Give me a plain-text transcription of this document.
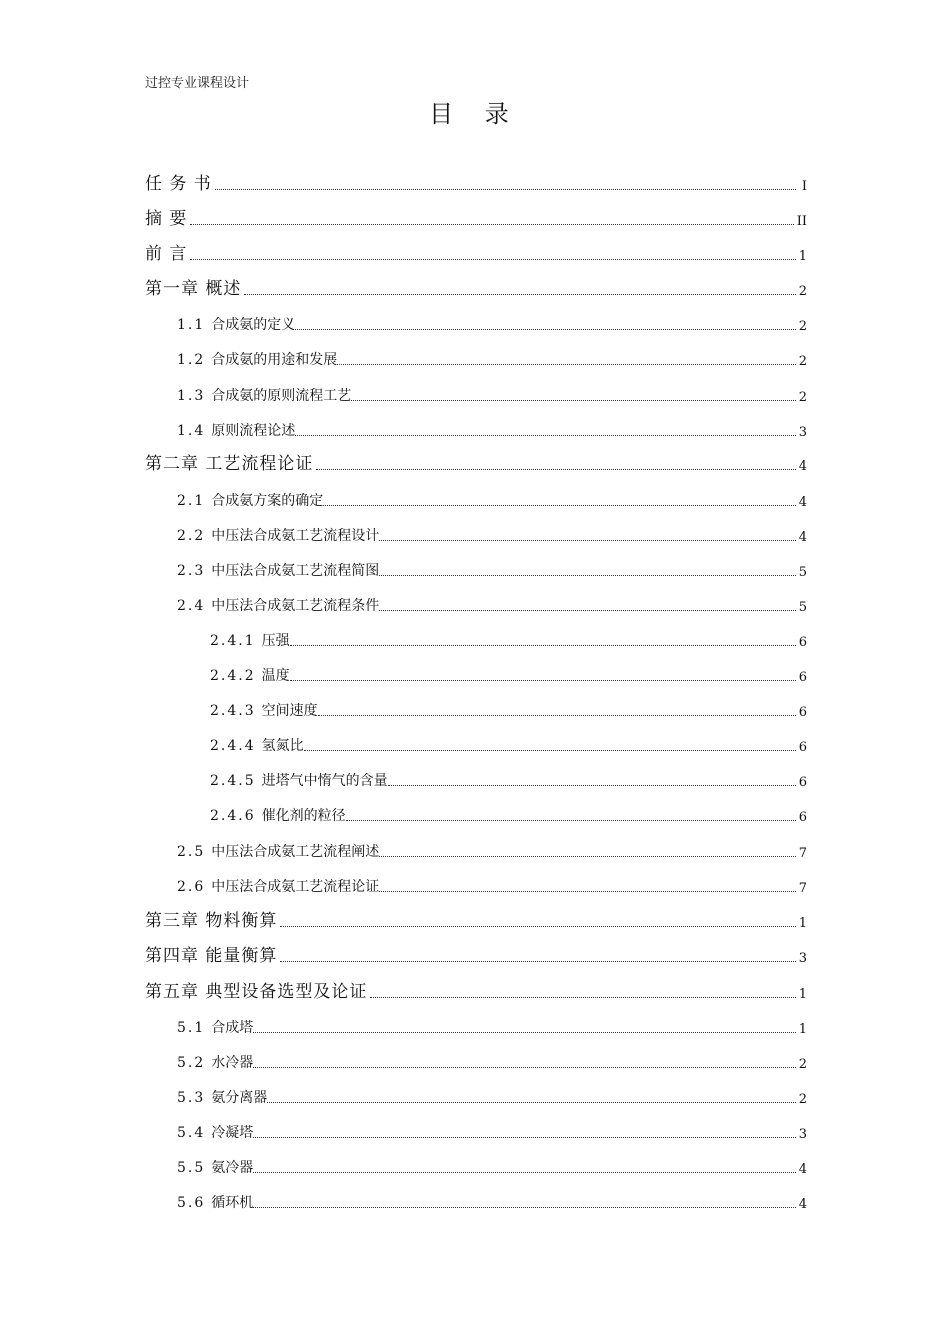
过控专业课程设计
目 录
任 务 书	I
摘 要	II
前 言	1
第一章 概述	2
1.1 合成氨的定义	2
1.2 合成氨的用途和发展	2
1.3 合成氨的原则流程工艺	2
1.4 原则流程论述	3
第二章 工艺流程论证	4
2.1 合成氨方案的确定	4
2.2 中压法合成氨工艺流程设计	4
2.3 中压法合成氨工艺流程简图	5
2.4 中压法合成氨工艺流程条件	5
2.4.1 压强	6
2.4.2 温度	6
2.4.3 空间速度	6
2.4.4 氢氮比	6
2.4.5 进塔气中惰气的含量	6
2.4.6 催化剂的粒径	6
2.5 中压法合成氨工艺流程阐述	7
2.6 中压法合成氨工艺流程论证	7
第三章 物料衡算	1
第四章 能量衡算	3
第五章 典型设备选型及论证	1
5.1 合成塔	1
5.2 水冷器	2
5.3 氨分离器	2
5.4 冷凝塔	3
5.5 氨冷器	4
5.6 循环机	4
